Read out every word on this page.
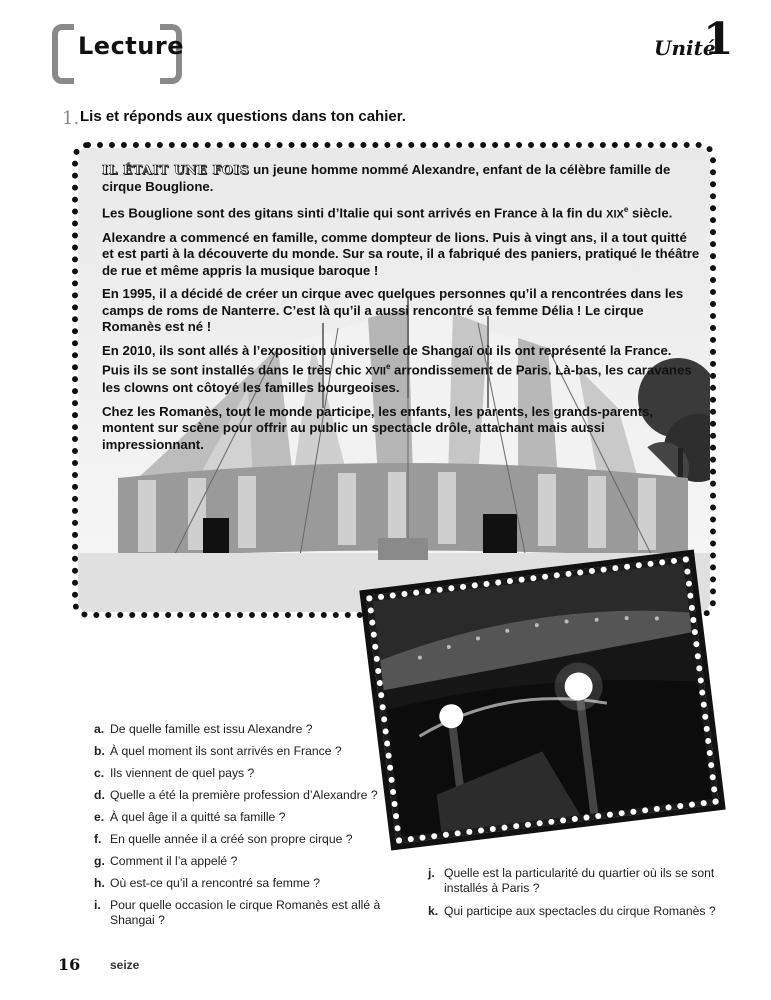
Lecture	Unité
1
1. Lis et réponds aux questions dans ton cahier.

IL ÉTAIT UNE FOIS un jeune homme nommé Alexandre, enfant de la célèbre famille de cirque Bouglione.

Les Bouglione sont des gitans sinti d’Italie qui sont arrivés en France à la fin du XIXe siècle.

Alexandre a commencé en famille, comme dompteur de lions. Puis à vingt ans, il a tout quitté et est parti à la découverte du monde. Sur sa route, il a fabriqué des paniers, pratiqué le théâtre de rue et même appris la musique baroque !

En 1995, il a décidé de créer un cirque avec quelques personnes qu’il a rencontrées dans les camps de roms de Nanterre. C’est là qu’il a aussi rencontré sa femme Délia ! Le cirque Romanès est né !

En 2010, ils sont allés à l’exposition universelle de Shangaï où ils ont représenté la France. Puis ils se sont installés dans le très chic XVIIe arrondissement de Paris. Là-bas, les caravanes les clowns ont côtoyé les familles bourgeoises.

Chez les Romanès, tout le monde participe, les enfants, les parents, les grands-parents, montent sur scène pour offrir au public un spectacle drôle, attachant mais aussi impressionnant.

a. De quelle famille est issu Alexandre ?
b. À quel moment ils sont arrivés en France ?
c. Ils viennent de quel pays ?
d. Quelle a été la première profession d’Alexandre ?
e. À quel âge il a quitté sa famille ?
f. En quelle année il a créé son propre cirque ?
g. Comment il l’a appelé ?
h. Où est-ce qu’il a rencontré sa femme ?
i. Pour quelle occasion le cirque Romanès est allé à Shangai ?
j. Quelle est la particularité du quartier où ils se sont installés à Paris ?
k. Qui participe aux spectacles du cirque Romanès ?
16 seize
